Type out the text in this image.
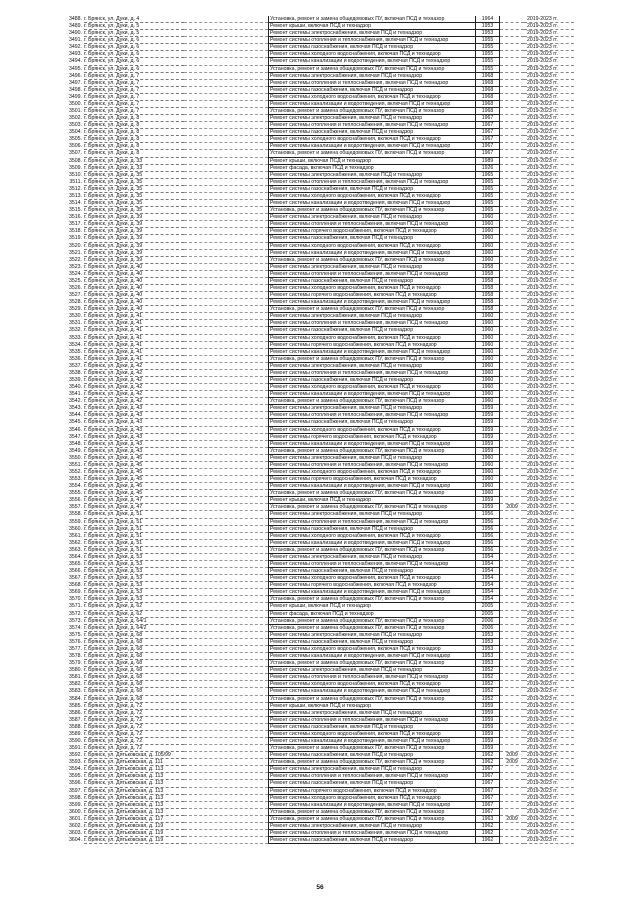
3488. г. Брянск, ул. Дуки, д. 4	Установка, ремонт и замена общедомовых ПУ, включая ПСД и техназор	1964	2019-2023 гг.
3489. г. Брянск, ул. Дуки, д. 5	Ремонт крыши, включая ПСД и технадзор	1953	2019-2023 гг.
3490. г. Брянск, ул. Дуки, д. 5	Ремонт системы электроснабжения, включая ПСД и технадзор	1953	2019-2023 гг.
3491. г. Брянск, ул. Дуки, д. 6	Ремонт системы отопления и теплоснабжения, включая ПСД и технадзор	1955	2019-2023 гг.
3492. г. Брянск, ул. Дуки, д. 6	Ремонт системы газоснабжения, включая ПСД и технадзор	1955	2019-2023 гг.
3493. г. Брянск, ул. Дуки, д. 6	Ремонт системы холодного водоснабжения, включая ПСД и технадзор	1955	2019-2023 гг.
3494. г. Брянск, ул. Дуки, д. 6	Ремонт системы канализации и водоотведения, включая ПСД и технадзор	1955	2019-2023 гг.
3495. г. Брянск, ул. Дуки, д. 6	Установка, ремонт и замена общедомовых ПУ, включая ПСД и техназор	1955	2019-2023 гг.
3496. г. Брянск, ул. Дуки, д. 7	Ремонт системы электроснабжения, включая ПСД и технадзор	1968	2019-2023 гг.
3497. г. Брянск, ул. Дуки, д. 7	Ремонт системы отопления и теплоснабжения, включая ПСД и технадзор	1968	2019-2023 гг.
3498. г. Брянск, ул. Дуки, д. 7	Ремонт системы газоснабжения, включая ПСД и технадзор	1968	2019-2023 гг.
3499. г. Брянск, ул. Дуки, д. 7	Ремонт системы холодного водоснабжения, включая ПСД и технадзор	1968	2019-2023 гг.
3500. г. Брянск, ул. Дуки, д. 7	Ремонт системы канализации и водоотведения, включая ПСД и технадзор	1968	2019-2023 гг.
3501. г. Брянск, ул. Дуки, д. 7	Установка, ремонт и замена общедомовых ПУ, включая ПСД и техназор	1968	2019-2023 гг.
3502. г. Брянск, ул. Дуки, д. 8	Ремонт системы электроснабжения, включая ПСД и технадзор	1967	2019-2023 гг.
3503. г. Брянск, ул. Дуки, д. 8	Ремонт системы отопления и теплоснабжения, включая ПСД и технадзор	1967	2019-2023 гг.
3504. г. Брянск, ул. Дуки, д. 8	Ремонт системы газоснабжения, включая ПСД и технадзор	1967	2019-2023 гг.
3505. г. Брянск, ул. Дуки, д. 8	Ремонт системы холодного водоснабжения, включая ПСД и технадзор	1967	2019-2023 гг.
3506. г. Брянск, ул. Дуки, д. 8	Ремонт системы канализации и водоотведения, включая ПСД и технадзор	1967	2019-2023 гг.
3507. г. Брянск, ул. Дуки, д. 8	Установка, ремонт и замена общедомовых ПУ, включая ПСД и техназор	1967	2019-2023 гг.
3508. г. Брянск, ул. Дуки, д. 33	Ремонт крыши, включая ПСД и технадзор	1989	2019-2023 гг.
3509. г. Брянск, ул. Дуки, д. 33	Ремонт фасада, включая ПСД и технадзор	1926	2019-2023 гг.
3510. г. Брянск, ул. Дуки, д. 35	Ремонт системы электроснабжения, включая ПСД и технадзор	1965	2019-2023 гг.
3511. г. Брянск, ул. Дуки, д. 35	Ремонт системы отопления и теплоснабжения, включая ПСД и технадзор	1965	2019-2023 гг.
3512. г. Брянск, ул. Дуки, д. 35	Ремонт системы газоснабжения, включая ПСД и технадзор	1965	2019-2023 гг.
3513. г. Брянск, ул. Дуки, д. 35	Ремонт системы холодного водоснабжения, включая ПСД и технадзор	1965	2019-2023 гг.
3514. г. Брянск, ул. Дуки, д. 35	Ремонт системы канализации и водоотведения, включая ПСД и технадзор	1965	2019-2023 гг.
3515. г. Брянск, ул. Дуки, д. 35	Установка, ремонт и замена общедомовых ПУ, включая ПСД и техназор	1965	2019-2023 гг.
3516. г. Брянск, ул. Дуки, д. 39	Ремонт системы электроснабжения, включая ПСД и технадзор	1960	2019-2023 гг.
3517. г. Брянск, ул. Дуки, д. 39	Ремонт системы отопления и теплоснабжения, включая ПСД и технадзор	1960	2019-2023 гг.
3518. г. Брянск, ул. Дуки, д. 39	Ремонт системы горячего водоснабжения, включая ПСД и технадзор	1960	2019-2023 гг.
3519. г. Брянск, ул. Дуки, д. 39	Ремонт системы газоснабжения, включая ПСД и технадзор	1960	2019-2023 гг.
3520. г. Брянск, ул. Дуки, д. 39	Ремонт системы холодного водоснабжения, включая ПСД и технадзор	1960	2019-2023 гг.
3521. г. Брянск, ул. Дуки, д. 39	Ремонт системы канализации и водоотведения, включая ПСД и технадзор	1960	2019-2023 гг.
3522. г. Брянск, ул. Дуки, д. 39	Установка, ремонт и замена общедомовых ПУ, включая ПСД и техназор	1960	2019-2023 гг.
3523. г. Брянск, ул. Дуки, д. 40	Ремонт системы электроснабжения, включая ПСД и технадзор	1958	2019-2023 гг.
3524. г. Брянск, ул. Дуки, д. 40	Ремонт системы отопления и теплоснабжения, включая ПСД и технадзор	1958	2019-2023 гг.
3525. г. Брянск, ул. Дуки, д. 40	Ремонт системы газоснабжения, включая ПСД и технадзор	1958	2019-2023 гг.
3526. г. Брянск, ул. Дуки, д. 40	Ремонт системы холодного водоснабжения, включая ПСД и технадзор	1958	2019-2023 гг.
3527. г. Брянск, ул. Дуки, д. 40	Ремонт системы горячего водоснабжения, включая ПСД и технадзор	1958	2019-2023 гг.
3528. г. Брянск, ул. Дуки, д. 40	Ремонт системы канализации и водоотведения, включая ПСД и технадзор	1958	2019-2023 гг.
3529. г. Брянск, ул. Дуки, д. 40	Установка, ремонт и замена общедомовых ПУ, включая ПСД и техназор	1958	2019-2023 гг.
3530. г. Брянск, ул. Дуки, д. 41	Ремонт системы электроснабжения, включая ПСД и технадзор	1960	2019-2023 гг.
3531. г. Брянск, ул. Дуки, д. 41	Ремонт системы отопления и теплоснабжения, включая ПСД и технадзор	1960	2019-2023 гг.
3532. г. Брянск, ул. Дуки, д. 41	Ремонт системы газоснабжения, включая ПСД и технадзор	1960	2019-2023 гг.
3533. г. Брянск, ул. Дуки, д. 41	Ремонт системы холодного водоснабжения, включая ПСД и технадзор	1960	2019-2023 гг.
3534. г. Брянск, ул. Дуки, д. 41	Ремонт системы горячего водоснабжения, включая ПСД и технадзор	1960	2019-2023 гг.
3535. г. Брянск, ул. Дуки, д. 41	Ремонт системы канализации и водоотведения, включая ПСД и технадзор	1960	2019-2023 гг.
3536. г. Брянск, ул. Дуки, д. 41	Установка, ремонт и замена общедомовых ПУ, включая ПСД и техназор	1960	2019-2023 гг.
3537. г. Брянск, ул. Дуки, д. 42	Ремонт системы электроснабжения, включая ПСД и технадзор	1960	2019-2023 гг.
3538. г. Брянск, ул. Дуки, д. 42	Ремонт системы отопления и теплоснабжения, включая ПСД и технадзор	1960	2019-2023 гг.
3539. г. Брянск, ул. Дуки, д. 42	Ремонт системы газоснабжения, включая ПСД и технадзор	1960	2019-2023 гг.
3540. г. Брянск, ул. Дуки, д. 42	Ремонт системы холодного водоснабжения, включая ПСД и технадзор	1960	2019-2023 гг.
3541. г. Брянск, ул. Дуки, д. 42	Ремонт системы канализации и водоотведения, включая ПСД и технадзор	1960	2019-2023 гг.
3542. г. Брянск, ул. Дуки, д. 42	Установка, ремонт и замена общедомовых ПУ, включая ПСД и техназор	1960	2019-2023 гг.
3543. г. Брянск, ул. Дуки, д. 43	Ремонт системы электроснабжения, включая ПСД и технадзор	1959	2019-2023 гг.
3544. г. Брянск, ул. Дуки, д. 43	Ремонт системы отопления и теплоснабжения, включая ПСД и технадзор	1959	2019-2023 гг.
3545. г. Брянск, ул. Дуки, д. 43	Ремонт системы газоснабжения, включая ПСД и технадзор	1959	2019-2023 гг.
3546. г. Брянск, ул. Дуки, д. 43	Ремонт системы холодного водоснабжения, включая ПСД и технадзор	1959	2019-2023 гг.
3547. г. Брянск, ул. Дуки, д. 43	Ремонт системы горячего водоснабжения, включая ПСД и технадзор	1959	2019-2023 гг.
3548. г. Брянск, ул. Дуки, д. 43	Ремонт системы канализации и водоотведения, включая ПСД и технадзор	1959	2019-2023 гг.
3549. г. Брянск, ул. Дуки, д. 43	Установка, ремонт и замена общедомовых ПУ, включая ПСД и техназор	1959	2019-2023 гг.
3550. г. Брянск, ул. Дуки, д. 45	Ремонт системы электроснабжения, включая ПСД и технадзор	1960	2019-2023 гг.
3551. г. Брянск, ул. Дуки, д. 45	Ремонт системы отопления и теплоснабжения, включая ПСД и технадзор	1960	2019-2023 гг.
3552. г. Брянск, ул. Дуки, д. 45	Ремонт системы холодного водоснабжения, включая ПСД и технадзор	1960	2019-2023 гг.
3553. г. Брянск, ул. Дуки, д. 45	Ремонт системы горячего водоснабжения, включая ПСД и технадзор	1960	2019-2023 гг.
3554. г. Брянск, ул. Дуки, д. 45	Ремонт системы канализации и водоотведения, включая ПСД и технадзор	1960	2019-2023 гг.
3555. г. Брянск, ул. Дуки, д. 45	Установка, ремонт и замена общедомовых ПУ, включая ПСД и техназор	1960	2019-2023 гг.
3556. г. Брянск, ул. Дуки, д. 47	Ремонт крыши, включая ПСД и технадзор	1959	2019-2023 гг.
3557. г. Брянск, ул. Дуки, д. 47	Установка, ремонт и замена общедомовых ПУ, включая ПСД и технадзор	1959	2009	2019-2023 гг.
3558. г. Брянск, ул. Дуки, д. 51	Ремонт системы электроснабжения, включая ПСД и технадзор	1956	2019-2023 гг.
3559. г. Брянск, ул. Дуки, д. 51	Ремонт системы отопления и теплоснабжения, включая ПСД и технадзор	1956	2019-2023 гг.
3560. г. Брянск, ул. Дуки, д. 51	Ремонт системы газоснабжения, включая ПСД и технадзор	1956	2019-2023 гг.
3561. г. Брянск, ул. Дуки, д. 51	Ремонт системы холодного водоснабжения, включая ПСД и технадзор	1956	2019-2023 гг.
3562. г. Брянск, ул. Дуки, д. 51	Ремонт системы канализации и водоотведения, включая ПСД и технадзор	1956	2019-2023 гг.
3563. г. Брянск, ул. Дуки, д. 51	Установка, ремонт и замена общедомовых ПУ, включая ПСД и техназор	1956	2019-2023 гг.
3564. г. Брянск, ул. Дуки, д. 53	Ремонт системы электроснабжения, включая ПСД и технадзор	1954	2019-2023 гг.
3565. г. Брянск, ул. Дуки, д. 53	Ремонт системы отопления и теплоснабжения, включая ПСД и технадзор	1954	2019-2023 гг.
3566. г. Брянск, ул. Дуки, д. 53	Ремонт системы газоснабжения, включая ПСД и технадзор	1954	2019-2023 гг.
3567. г. Брянск, ул. Дуки, д. 53	Ремонт системы холодного водоснабжения, включая ПСД и технадзор	1954	2019-2023 гг.
3568. г. Брянск, ул. Дуки, д. 53	Ремонт системы горячего водоснабжения, включая ПСД и технадзор	1954	2019-2023 гг.
3569. г. Брянск, ул. Дуки, д. 53	Ремонт системы канализации и водоотведения, включая ПСД и технадзор	1954	2019-2023 гг.
3570. г. Брянск, ул. Дуки, д. 53	Установка, ремонт и замена общедомовых ПУ, включая ПСД и техназор	1954	2019-2023 гг.
3571. г. Брянск, ул. Дуки, д. 62	Ремонт крыши, включая ПСД и технадзор	2005	2019-2023 гг.
3572. г. Брянск, ул. Дуки, д. 62	Ремонт фасада, включая ПСД и технадзор	2005	2019-2023 гг.
3573. г. Брянск, ул. Дуки, д. 64/1	Установка, ремонт и замена общедомовых ПУ, включая ПСД и техназор	2006	2019-2023 гг.
3574. г. Брянск, ул. Дуки, д. 64/2	Установка, ремонт и замена общедомовых ПУ, включая ПСД и техназор	2006	2019-2023 гг.
3575. г. Брянск, ул. Дуки, д. 68	Ремонт системы электроснабжения, включая ПСД и технадзор	1953	2019-2023 гг.
3576. г. Брянск, ул. Дуки, д. 68	Ремонт системы газоснабжения, включая ПСД и технадзор	1953	2019-2023 гг.
3577. г. Брянск, ул. Дуки, д. 68	Ремонт системы холодного водоснабжения, включая ПСД и технадзор	1953	2019-2023 гг.
3578. г. Брянск, ул. Дуки, д. 68	Ремонт системы канализации и водоотведения, включая ПСД и технадзор	1953	2019-2023 гг.
3579. г. Брянск, ул. Дуки, д. 68	Установка, ремонт и замена общедомовых ПУ, включая ПСД и техназор	1953	2019-2023 гг.
3580. г. Брянск, ул. Дуки, д. 68	Ремонт системы электроснабжения, включая ПСД и технадзор	1952	2019-2023 гг.
3581. г. Брянск, ул. Дуки, д. 68	Ремонт системы отопления и теплоснабжения, включая ПСД и технадзор	1952	2019-2023 гг.
3582. г. Брянск, ул. Дуки, д. 68	Ремонт системы холодного водоснабжения, включая ПСД и технадзор	1952	2019-2023 гг.
3583. г. Брянск, ул. Дуки, д. 68	Ремонт системы канализации и водоотведения, включая ПСД и технадзор	1952	2019-2023 гг.
3584. г. Брянск, ул. Дуки, д. 68	Установка, ремонт и замена общедомовых ПУ, включая ПСД и техназор	1952	2019-2023 гг.
3585. г. Брянск, ул. Дуки, д. 72	Ремонт крыши, включая ПСД и технадзор	1959	2019-2023 гг.
3586. г. Брянск, ул. Дуки, д. 72	Ремонт системы электроснабжения, включая ПСД и технадзор	1959	2019-2023 гг.
3587. г. Брянск, ул. Дуки, д. 72	Ремонт системы отопления и теплоснабжения, включая ПСД и технадзор	1959	2019-2023 гг.
3588. г. Брянск, ул. Дуки, д. 72	Ремонт системы газоснабжения, включая ПСД и технадзор	1959	2019-2023 гг.
3589. г. Брянск, ул. Дуки, д. 72	Ремонт системы холодного водоснабжения, включая ПСД и технадзор	1959	2019-2023 гг.
3590. г. Брянск, ул. Дуки, д. 72	Ремонт системы канализации и водоотведения, включая ПСД и технадзор	1959	2019-2023 гг.
3591. г. Брянск, ул. Дуки, д. 72	Установка, ремонт и замена общедомовых ПУ, включая ПСД и техназор	1959	2019-2023 гг.
3592. г. Брянск, ул. Дятьковская, д. 105/99	Ремонт системы газоснабжения, включая ПСД и технадзор	1962	2009	2019-2023 гг.
3593. г. Брянск, ул. Дятьковская, д. 111	Установка, ремонт и замена общедомовых ПУ, включая ПСД и техназор	1962	2009	2019-2023 гг.
3594. г. Брянск, ул. Дятьковская, д. 113	Ремонт системы электроснабжения, включая ПСД и технадзор	1967	2019-2023 гг.
3595. г. Брянск, ул. Дятьковская, д. 113	Ремонт системы отопления и теплоснабжения, включая ПСД и технадзор	1967	2019-2023 гг.
3596. г. Брянск, ул. Дятьковская, д. 113	Ремонт системы газоснабжения, включая ПСД и технадзор	1967	2019-2023 гг.
3597. г. Брянск, ул. Дятьковская, д. 113	Ремонт системы горячего водоснабжения, включая ПСД и технадзор	1967	2019-2023 гг.
3598. г. Брянск, ул. Дятьковская, д. 113	Ремонт системы холодного водоснабжения, включая ПСД и технадзор	1967	2019-2023 гг.
3599. г. Брянск, ул. Дятьковская, д. 113	Ремонт системы канализации и водоотведения, включая ПСД и технадзор	1967	2019-2023 гг.
3600. г. Брянск, ул. Дятьковская, д. 113	Установка, ремонт и замена общедомовых ПУ, включая ПСД и техназор	1967	2019-2023 гг.
3601. г. Брянск, ул. Дятьковская, д. 117	Установка, ремонт и замена общедомовых ПУ, включая ПСД и техназор	1963	2009	2019-2023 гг.
3602. г. Брянск, ул. Дятьковская, д. 119	Ремонт системы электроснабжения, включая ПСД и технадзор	1962	2019-2023 гг.
3603. г. Брянск, ул. Дятьковская, д. 119	Ремонт системы отопления и теплоснабжения, включая ПСД и технадзор	1962	2019-2023 гг.
3604. г. Брянск, ул. Дятьковская, д. 119	Ремонт системы газоснабжения, включая ПСД и технадзор	1962	2019-2023 гг.
56
